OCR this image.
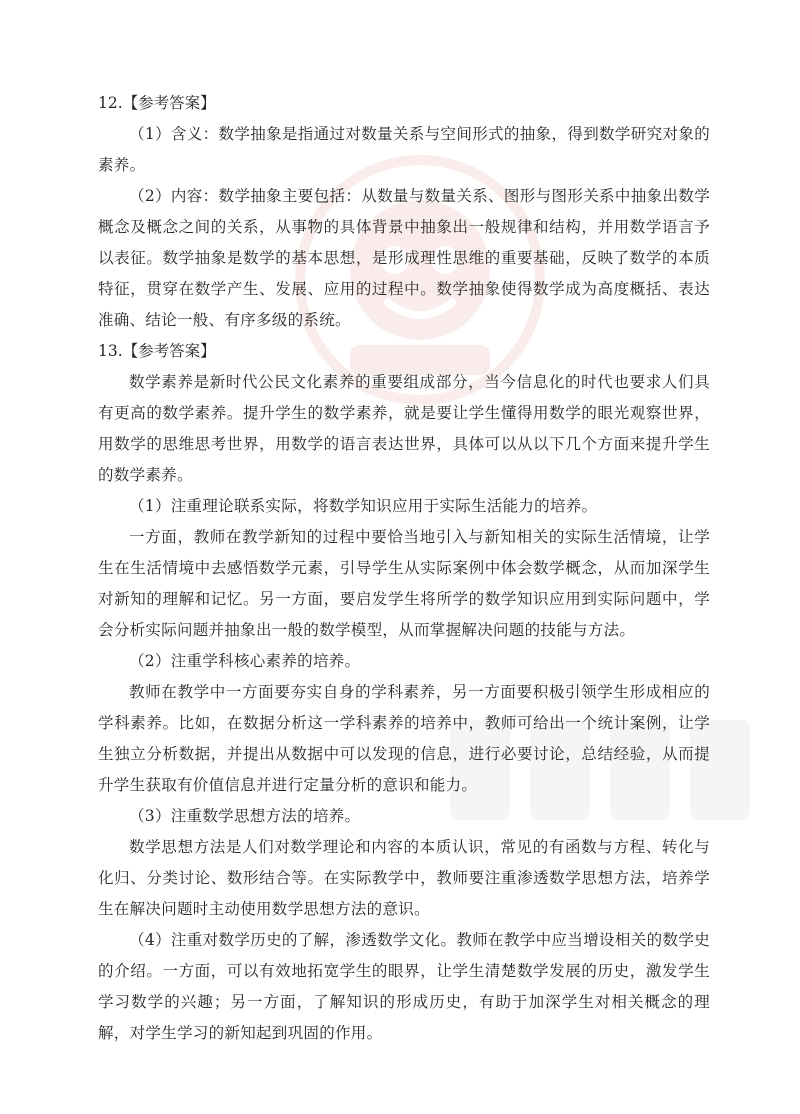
12.【参考答案】

（1）含义：数学抽象是指通过对数量关系与空间形式的抽象，得到数学研究对象的素养。

（2）内容：数学抽象主要包括：从数量与数量关系、图形与图形关系中抽象出数学概念及概念之间的关系，从事物的具体背景中抽象出一般规律和结构，并用数学语言予以表征。数学抽象是数学的基本思想，是形成理性思维的重要基础，反映了数学的本质特征，贯穿在数学产生、发展、应用的过程中。数学抽象使得数学成为高度概括、表达准确、结论一般、有序多级的系统。

13.【参考答案】

数学素养是新时代公民文化素养的重要组成部分，当今信息化的时代也要求人们具有更高的数学素养。提升学生的数学素养，就是要让学生懂得用数学的眼光观察世界，用数学的思维思考世界，用数学的语言表达世界，具体可以从以下几个方面来提升学生的数学素养。

（1）注重理论联系实际，将数学知识应用于实际生活能力的培养。

一方面，教师在教学新知的过程中要恰当地引入与新知相关的实际生活情境，让学生在生活情境中去感悟数学元素，引导学生从实际案例中体会数学概念，从而加深学生对新知的理解和记忆。另一方面，要启发学生将所学的数学知识应用到实际问题中，学会分析实际问题并抽象出一般的数学模型，从而掌握解决问题的技能与方法。

（2）注重学科核心素养的培养。

教师在教学中一方面要夯实自身的学科素养，另一方面要积极引领学生形成相应的学科素养。比如，在数据分析这一学科素养的培养中，教师可给出一个统计案例，让学生独立分析数据，并提出从数据中可以发现的信息，进行必要讨论，总结经验，从而提升学生获取有价值信息并进行定量分析的意识和能力。

（3）注重数学思想方法的培养。

数学思想方法是人们对数学理论和内容的本质认识，常见的有函数与方程、转化与化归、分类讨论、数形结合等。在实际教学中，教师要注重渗透数学思想方法，培养学生在解决问题时主动使用数学思想方法的意识。

（4）注重对数学历史的了解，渗透数学文化。教师在教学中应当增设相关的数学史的介绍。一方面，可以有效地拓宽学生的眼界，让学生清楚数学发展的历史，激发学生学习数学的兴趣；另一方面，了解知识的形成历史，有助于加深学生对相关概念的理解，对学生学习的新知起到巩固的作用。
